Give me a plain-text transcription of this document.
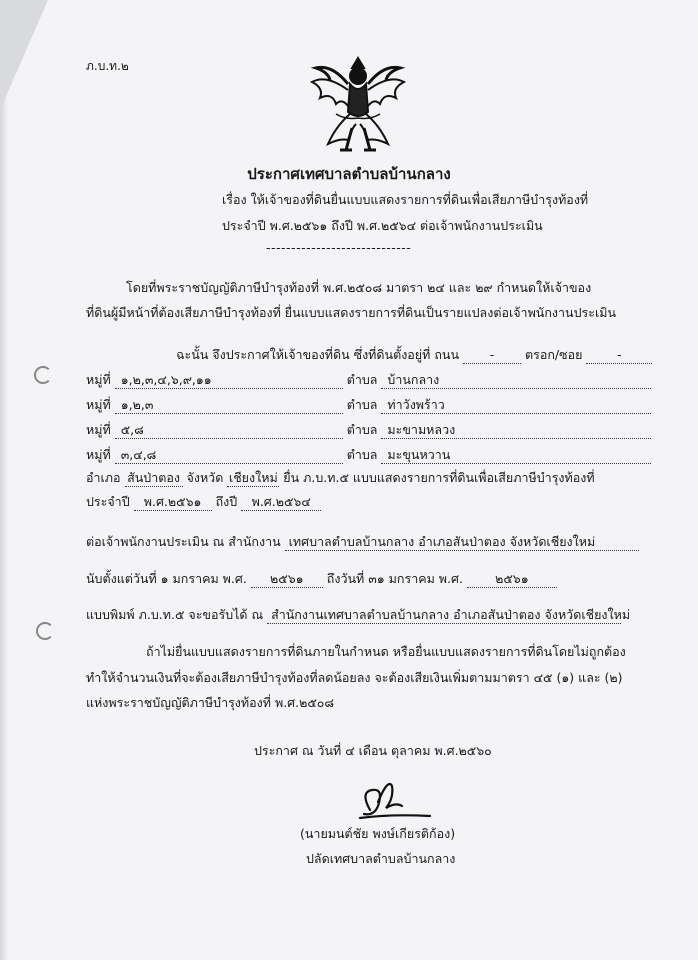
ภ.บ.ท.๒
ประกาศเทศบาลตำบลบ้านกลาง
เรื่อง ให้เจ้าของที่ดินยื่นแบบแสดงรายการที่ดินเพื่อเสียภาษีบำรุงท้องที่
ประจำปี พ.ศ.๒๕๖๑ ถึงปี พ.ศ.๒๕๖๔ ต่อเจ้าพนักงานประเมิน
-----------------------------
โดยที่พระราชบัญญัติภาษีบำรุงท้องที่ พ.ศ.๒๕๐๘ มาตรา ๒๔ และ ๒๙ กำหนดให้เจ้าของ
ที่ดินผู้มีหน้าที่ต้องเสียภาษีบำรุงท้องที่ ยื่นแบบแสดงรายการที่ดินเป็นรายแปลงต่อเจ้าพนักงานประเมิน
ฉะนั้น จึงประกาศให้เจ้าของที่ดิน ซึ่งที่ดินตั้งอยู่ที่ ถนน - ตรอก/ซอย	-
หมู่ที่ ๑,๒,๓,๔,๖,๙,๑๑	ตำบล บ้านกลาง
หมู่ที่ ๑,๒,๓	ตำบล ท่าวังพร้าว
หมู่ที่ ๕,๘	ตำบล มะขามหลวง
หมู่ที่ ๓,๔,๘	ตำบล มะขุนหวาน
อำเภอ สันป่าตอง จังหวัด เชียงใหม่ ยื่น ภ.บ.ท.๕ แบบแสดงรายการที่ดินเพื่อเสียภาษีบำรุงท้องที่
ประจำปี พ.ศ.๒๕๖๑ ถึงปี พ.ศ.๒๕๖๔
ต่อเจ้าพนักงานประเมิน ณ สำนักงาน เทศบาลตำบลบ้านกลาง อำเภอสันป่าตอง จังหวัดเชียงใหม่
นับตั้งแต่วันที่ ๑ มกราคม พ.ศ. ๒๕๖๑ ถึงวันที่ ๓๑ มกราคม พ.ศ.	๒๕๖๑
แบบพิมพ์ ภ.บ.ท.๕ จะขอรับได้ ณ สำนักงานเทศบาลตำบลบ้านกลาง อำเภอสันป่าตอง จังหวัดเชียงใหม่
ถ้าไม่ยื่นแบบแสดงรายการที่ดินภายในกำหนด หรือยื่นแบบแสดงรายการที่ดินโดยไม่ถูกต้อง
ทำให้จำนวนเงินที่จะต้องเสียภาษีบำรุงท้องที่ลดน้อยลง จะต้องเสียเงินเพิ่มตามมาตรา ๔๕ (๑) และ (๒)
แห่งพระราชบัญญัติภาษีบำรุงท้องที่ พ.ศ.๒๕๐๘
ประกาศ ณ วันที่ ๔ เดือน ตุลาคม พ.ศ.๒๕๖๐
(นายมนต์ชัย พงษ์เกียรติก้อง)
ปลัดเทศบาลตำบลบ้านกลาง
